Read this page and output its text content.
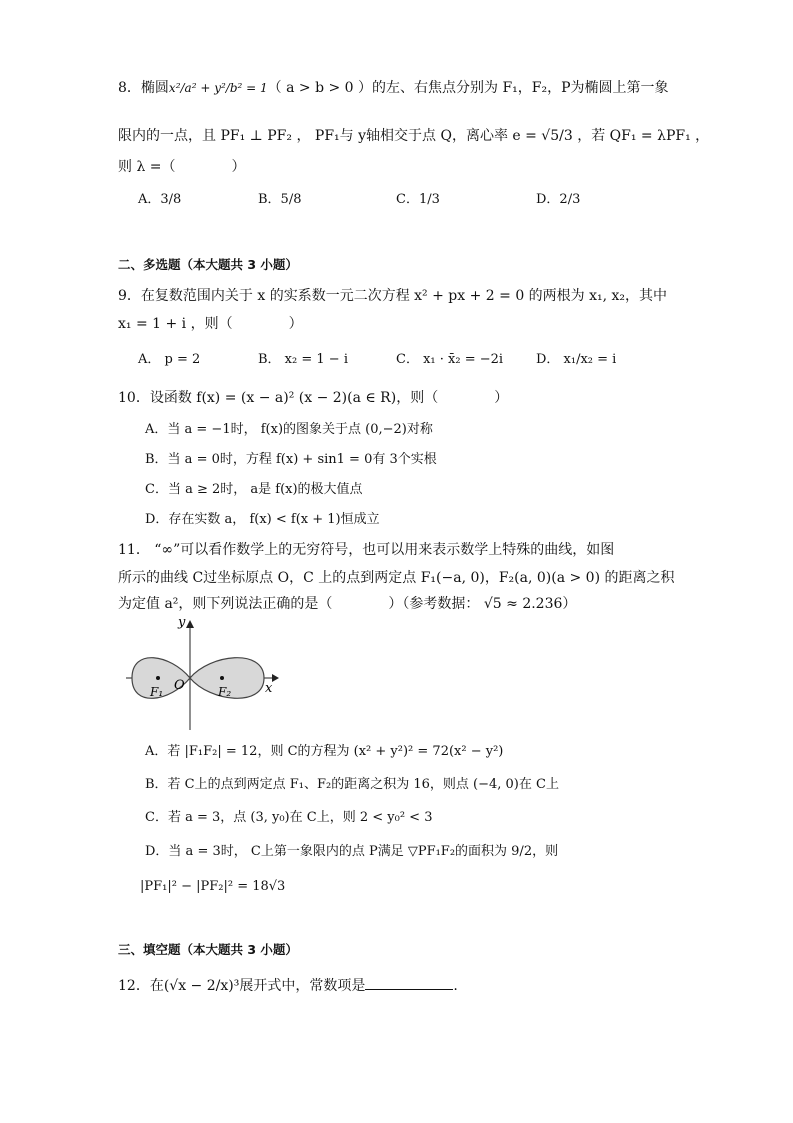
8．椭圆x²/a² + y²/b² = 1（ a > b > 0 ）的左、右焦点分别为 F₁，F₂，P为椭圆上第一象
限内的一点，且 PF₁ ⊥ PF₂ ， PF₁与 y轴相交于点 Q，离心率 e = √5/3 ，若 QF₁ = λPF₁ ，
则 λ =（　　　　）
A．3/8	B．5/8	C．1/3	D．2/3
二、多选题（本大题共 3 小题）
9．在复数范围内关于 x 的实系数一元二次方程 x² + px + 2 = 0 的两根为 x₁, x₂，其中
x₁ = 1 + i ，则（　　　　）
A． p = 2	B． x₂ = 1 − i	C． x₁ · x̄₂ = −2i	D． x₁/x₂ = i
10．设函数 f(x) = (x − a)² (x − 2)(a ∈ R)，则（　　　　）
A．当 a = −1时， f(x)的图象关于点 (0,−2)对称
B．当 a = 0时，方程 f(x) + sin1 = 0有 3个实根
C．当 a ≥ 2时， a是 f(x)的极大值点
D．存在实数 a， f(x) < f(x + 1)恒成立
11． “∞”可以看作数学上的无穷符号，也可以用来表示数学上特殊的曲线，如图
所示的曲线 C过坐标原点 O，C 上的点到两定点 F₁(−a, 0)，F₂(a, 0)(a > 0) 的距离之积
为定值 a²，则下列说法正确的是（　　　　）（参考数据： √5 ≈ 2.236）
y
x
O
F₁	F₂
A．若 |F₁F₂| = 12，则 C的方程为 (x² + y²)² = 72(x² − y²)
B．若 C上的点到两定点 F₁、F₂的距离之积为 16，则点 (−4, 0)在 C上
C．若 a = 3，点 (3, y₀)在 C上，则 2 < y₀² < 3
D．当 a = 3时， C上第一象限内的点 P满足 ▽PF₁F₂的面积为 9/2，则
|PF₁|² − |PF₂|² = 18√3
三、填空题（本大题共 3 小题）
12．在(√x − 2/x)³展开式中，常数项是	.
